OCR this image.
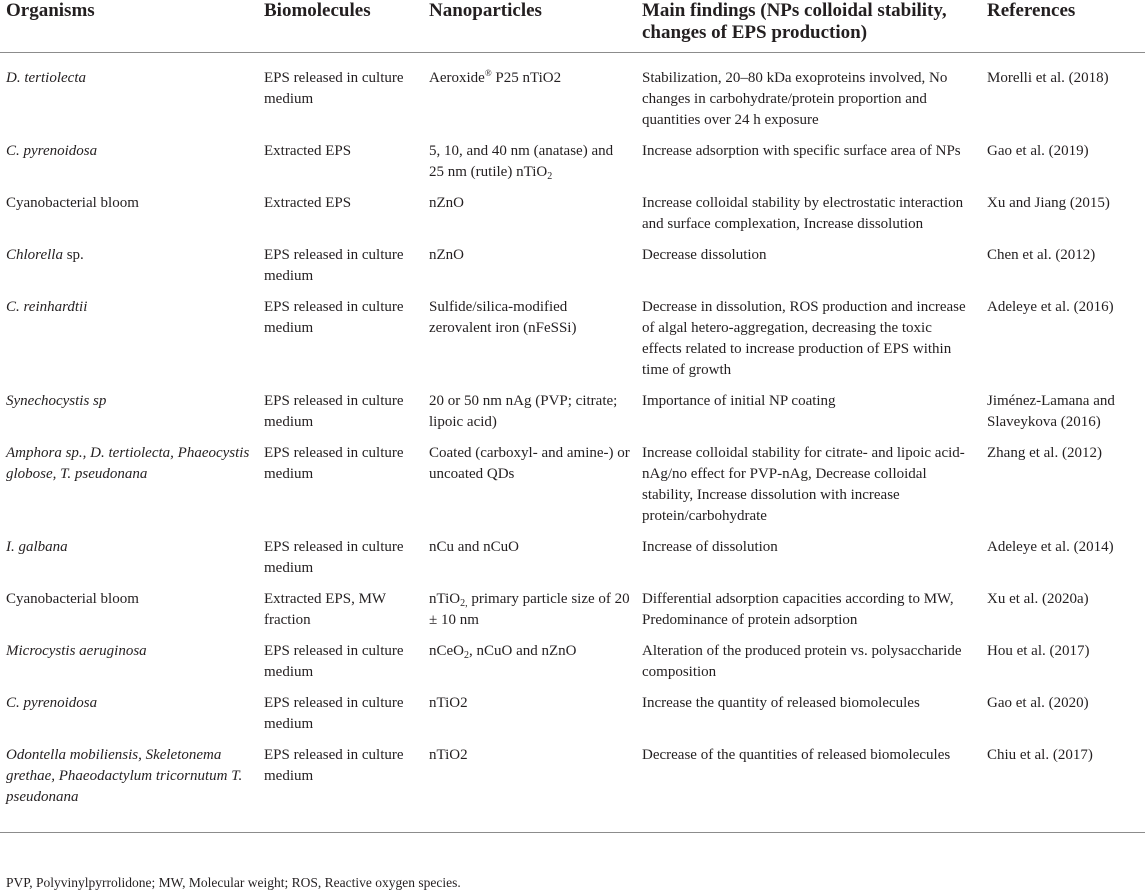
Organisms	Biomolecules	Nanoparticles	Main findings (NPs colloidal stability, changes of EPS production)	References
D. tertiolecta	EPS released in culture medium	Aeroxide® P25 nTiO2	Stabilization, 20–80 kDa exoproteins involved, No changes in carbohydrate/protein proportion and quantities over 24 h exposure	Morelli et al. (2018)
C. pyrenoidosa	Extracted EPS	5, 10, and 40 nm (anatase) and 25 nm (rutile) nTiO$_2$	Increase adsorption with specific surface area of NPs	Gao et al. (2019)
Cyanobacterial bloom	Extracted EPS	nZnO	Increase colloidal stability by electrostatic interaction and surface complexation, Increase dissolution	Xu and Jiang (2015)
Chlorella sp.	EPS released in culture medium	nZnO	Decrease dissolution	Chen et al. (2012)
C. reinhardtii	EPS released in culture medium	Sulfide/silica-modified zerovalent iron (nFeSSi)	Decrease in dissolution, ROS production and increase of algal hetero-aggregation, decreasing the toxic effects related to increase production of EPS within time of growth	Adeleye et al. (2016)
Synechocystis sp	EPS released in culture medium	20 or 50 nm nAg (PVP; citrate; lipoic acid)	Importance of initial NP coating	Jiménez-Lamana and Slaveykova (2016)
Amphora sp., D. tertiolecta, Phaeocystis globose, T. pseudonana	EPS released in culture medium	Coated (carboxyl- and amine-) or uncoated QDs	Increase colloidal stability for citrate- and lipoic acid-nAg/no effect for PVP-nAg, Decrease colloidal stability, Increase dissolution with increase protein/carbohydrate	Zhang et al. (2012)
I. galbana	EPS released in culture medium	nCu and nCuO	Increase of dissolution	Adeleye et al. (2014)
Cyanobacterial bloom	Extracted EPS, MW fraction	nTiO$_{2,}$ primary particle size of 20 ± 10 nm	Differential adsorption capacities according to MW, Predominance of protein adsorption	Xu et al. (2020a)
Microcystis aeruginosa	EPS released in culture medium	nCeO$_2$, nCuO and nZnO	Alteration of the produced protein vs. polysaccharide composition	Hou et al. (2017)
C. pyrenoidosa	EPS released in culture medium	nTiO2	Increase the quantity of released biomolecules	Gao et al. (2020)
Odontella mobiliensis, Skeletonema grethae, Phaeodactylum tricornutum T. pseudonana	EPS released in culture medium	nTiO2	Decrease of the quantities of released biomolecules	Chiu et al. (2017)
PVP, Polyvinylpyrrolidone; MW, Molecular weight; ROS, Reactive oxygen species.
